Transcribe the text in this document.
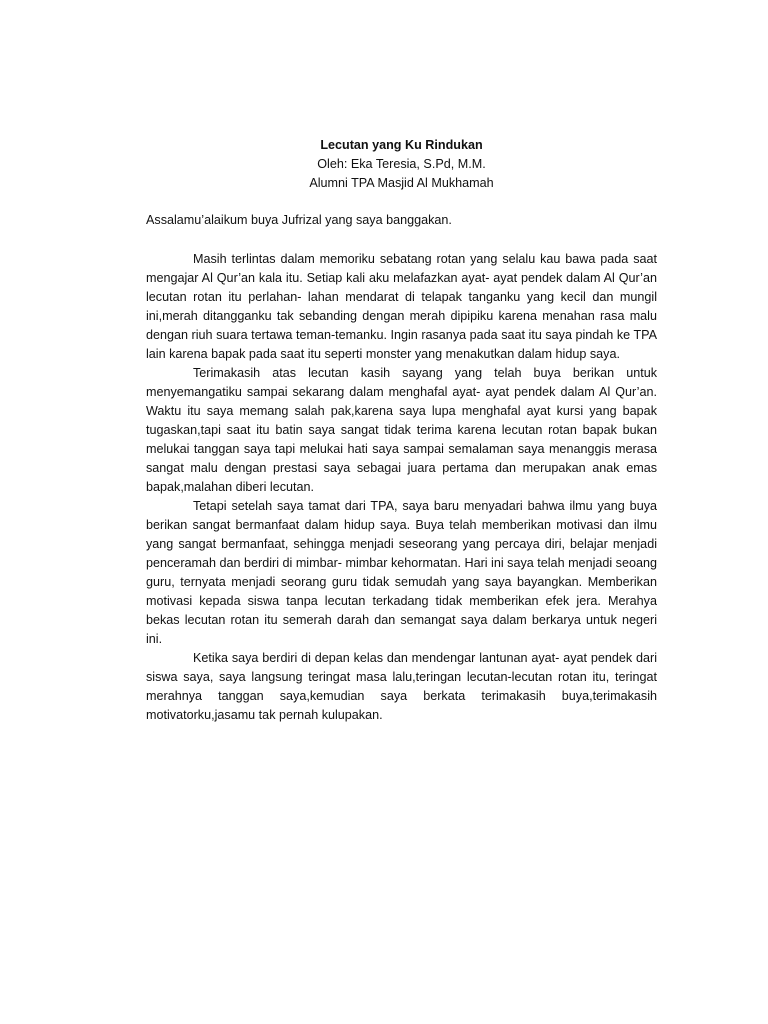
Lecutan yang Ku Rindukan
Oleh: Eka Teresia, S.Pd, M.M.
Alumni TPA Masjid Al Mukhamah

Assalamu’alaikum buya Jufrizal yang saya banggakan.

Masih terlintas dalam memoriku sebatang rotan yang selalu kau bawa pada saat mengajar Al Qur’an kala itu. Setiap kali aku melafazkan ayat- ayat pendek dalam Al Qur’an lecutan rotan itu perlahan- lahan mendarat di telapak tanganku yang kecil dan mungil ini,merah ditangganku tak sebanding dengan merah dipipiku karena menahan rasa malu dengan riuh suara tertawa teman-temanku. Ingin rasanya pada saat itu saya pindah ke TPA lain karena bapak pada saat itu seperti monster yang menakutkan dalam hidup saya.

Terimakasih atas lecutan kasih sayang yang telah buya berikan untuk menyemangatiku sampai sekarang dalam menghafal ayat- ayat pendek dalam Al Qur’an. Waktu itu saya memang salah pak,karena saya lupa menghafal ayat kursi yang bapak tugaskan,tapi saat itu batin saya sangat tidak terima karena lecutan rotan bapak bukan melukai tanggan saya tapi melukai hati saya sampai semalaman saya menanggis merasa sangat malu dengan prestasi saya sebagai juara pertama dan merupakan anak emas bapak,malahan diberi lecutan.

Tetapi setelah saya tamat dari TPA, saya baru menyadari bahwa ilmu yang buya berikan sangat bermanfaat dalam hidup saya. Buya telah memberikan motivasi dan ilmu yang sangat bermanfaat, sehingga menjadi seseorang yang percaya diri, belajar menjadi penceramah dan berdiri di mimbar- mimbar kehormatan. Hari ini saya telah menjadi seoang guru, ternyata menjadi seorang guru tidak semudah yang saya bayangkan. Memberikan motivasi kepada siswa tanpa lecutan terkadang tidak memberikan efek jera. Merahya bekas lecutan rotan itu semerah darah dan semangat saya dalam berkarya untuk negeri ini.

Ketika saya berdiri di depan kelas dan mendengar lantunan ayat- ayat pendek dari siswa saya, saya langsung teringat masa lalu,teringan lecutan-lecutan rotan itu, teringat merahnya tanggan saya,kemudian saya berkata terimakasih buya,terimakasih motivatorku,jasamu tak pernah kulupakan.
